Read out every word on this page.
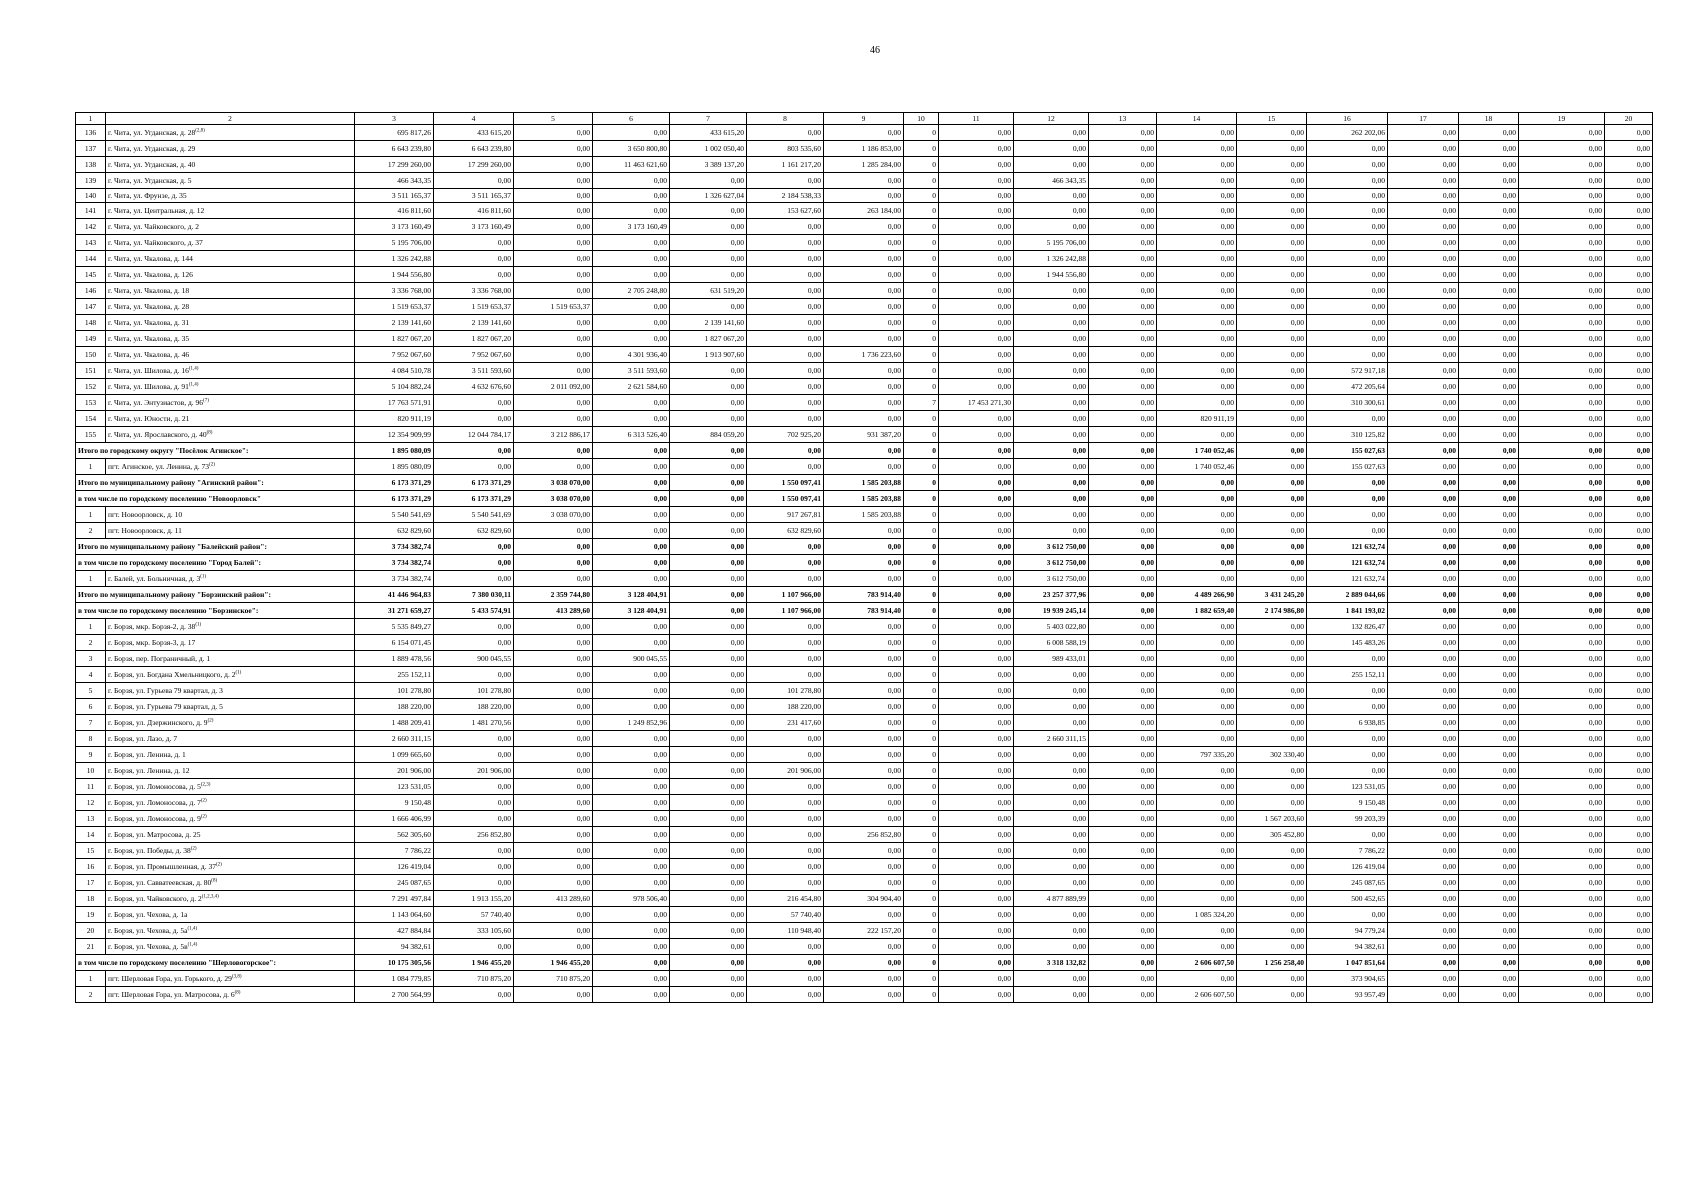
46
1	2	3	4	5	6	7	8	9	10	11	12	13	14	15	16	17	18	19	20
136	г. Чита, ул. Угданская, д. 28$^{(2,8)}$	695 817,26	433 615,20	0,00	0,00	433 615,20	0,00	0,00	0	0,00	0,00	0,00	0,00	0,00	262 202,06	0,00	0,00	0,00	0,00
137	г. Чита, ул. Угданская, д. 29	6 643 239,80	6 643 239,80	0,00	3 650 800,80	1 002 050,40	803 535,60	1 186 853,00	0	0,00	0,00	0,00	0,00	0,00	0,00	0,00	0,00	0,00	0,00
138	г. Чита, ул. Угданская, д. 40	17 299 260,00	17 299 260,00	0,00	11 463 621,60	3 389 137,20	1 161 217,20	1 285 284,00	0	0,00	0,00	0,00	0,00	0,00	0,00	0,00	0,00	0,00	0,00
139	г. Чита, ул. Угданская, д. 5	466 343,35	0,00	0,00	0,00	0,00	0,00	0,00	0	0,00	466 343,35	0,00	0,00	0,00	0,00	0,00	0,00	0,00	0,00
140	г. Чита, ул. Фрунзе, д. 35	3 511 165,37	3 511 165,37	0,00	0,00	1 326 627,04	2 184 538,33	0,00	0	0,00	0,00	0,00	0,00	0,00	0,00	0,00	0,00	0,00	0,00
141	г. Чита, ул. Центральная, д. 12	416 811,60	416 811,60	0,00	0,00	0,00	153 627,60	263 184,00	0	0,00	0,00	0,00	0,00	0,00	0,00	0,00	0,00	0,00	0,00
142	г. Чита, ул. Чайковского, д. 2	3 173 160,49	3 173 160,49	0,00	3 173 160,49	0,00	0,00	0,00	0	0,00	0,00	0,00	0,00	0,00	0,00	0,00	0,00	0,00	0,00
143	г. Чита, ул. Чайковского, д. 37	5 195 706,00	0,00	0,00	0,00	0,00	0,00	0,00	0	0,00	5 195 706,00	0,00	0,00	0,00	0,00	0,00	0,00	0,00	0,00
144	г. Чита, ул. Чкалова, д. 144	1 326 242,88	0,00	0,00	0,00	0,00	0,00	0,00	0	0,00	1 326 242,88	0,00	0,00	0,00	0,00	0,00	0,00	0,00	0,00
145	г. Чита, ул. Чкалова, д. 126	1 944 556,80	0,00	0,00	0,00	0,00	0,00	0,00	0	0,00	1 944 556,80	0,00	0,00	0,00	0,00	0,00	0,00	0,00	0,00
146	г. Чита, ул. Чкалова, д. 18	3 336 768,00	3 336 768,00	0,00	2 705 248,80	631 519,20	0,00	0,00	0	0,00	0,00	0,00	0,00	0,00	0,00	0,00	0,00	0,00	0,00
147	г. Чита, ул. Чкалова, д. 28	1 519 653,37	1 519 653,37	1 519 653,37	0,00	0,00	0,00	0,00	0	0,00	0,00	0,00	0,00	0,00	0,00	0,00	0,00	0,00	0,00
148	г. Чита, ул. Чкалова, д. 31	2 139 141,60	2 139 141,60	0,00	0,00	2 139 141,60	0,00	0,00	0	0,00	0,00	0,00	0,00	0,00	0,00	0,00	0,00	0,00	0,00
149	г. Чита, ул. Чкалова, д. 35	1 827 067,20	1 827 067,20	0,00	0,00	1 827 067,20	0,00	0,00	0	0,00	0,00	0,00	0,00	0,00	0,00	0,00	0,00	0,00	0,00
150	г. Чита, ул. Чкалова, д. 46	7 952 067,60	7 952 067,60	0,00	4 301 936,40	1 913 907,60	0,00	1 736 223,60	0	0,00	0,00	0,00	0,00	0,00	0,00	0,00	0,00	0,00	0,00
151	г. Чита, ул. Шилова, д. 16$^{(1,4)}$	4 084 510,78	3 511 593,60	0,00	3 511 593,60	0,00	0,00	0,00	0	0,00	0,00	0,00	0,00	0,00	572 917,18	0,00	0,00	0,00	0,00
152	г. Чита, ул. Шилова, д. 91$^{(1,4)}$	5 104 882,24	4 632 676,60	2 011 092,00	2 621 584,60	0,00	0,00	0,00	0	0,00	0,00	0,00	0,00	0,00	472 205,64	0,00	0,00	0,00	0,00
153	г. Чита, ул. Энтузиастов, д. 96$^{(7)}$	17 763 571,91	0,00	0,00	0,00	0,00	0,00	0,00	7	17 453 271,30	0,00	0,00	0,00	0,00	310 300,61	0,00	0,00	0,00	0,00
154	г. Чита, ул. Юности, д. 21	820 911,19	0,00	0,00	0,00	0,00	0,00	0,00	0	0,00	0,00	0,00	820 911,19	0,00	0,00	0,00	0,00	0,00	0,00
155	г. Чита, ул. Ярославского, д. 40$^{(8)}$	12 354 909,99	12 044 784,17	3 212 886,17	6 313 526,40	884 059,20	702 925,20	931 387,20	0	0,00	0,00	0,00	0,00	0,00	310 125,82	0,00	0,00	0,00	0,00
Итого по городскому округу "Посёлок Агинское":		1 895 080,09	0,00	0,00	0,00	0,00	0,00	0,00	0	0,00	0,00	0,00	1 740 052,46	0,00	155 027,63	0,00	0,00	0,00	0,00
1	пгт. Агинское, ул. Ленина, д. 73$^{(2)}$	1 895 080,09	0,00	0,00	0,00	0,00	0,00	0,00	0	0,00	0,00	0,00	1 740 052,46	0,00	155 027,63	0,00	0,00	0,00	0,00
Итого по муниципальному району "Агинский район":		6 173 371,29	6 173 371,29	3 038 070,00	0,00	0,00	1 550 097,41	1 585 203,88	0	0,00	0,00	0,00	0,00	0,00	0,00	0,00	0,00	0,00	0,00
в том числе по городскому поселению "Новоорловск"		6 173 371,29	6 173 371,29	3 038 070,00	0,00	0,00	1 550 097,41	1 585 203,88	0	0,00	0,00	0,00	0,00	0,00	0,00	0,00	0,00	0,00	0,00
1	пгт. Новоорловск, д. 10	5 540 541,69	5 540 541,69	3 038 070,00	0,00	0,00	917 267,81	1 585 203,88	0	0,00	0,00	0,00	0,00	0,00	0,00	0,00	0,00	0,00	0,00
2	пгт. Новоорловск, д. 11	632 829,60	632 829,60	0,00	0,00	0,00	632 829,60	0,00	0	0,00	0,00	0,00	0,00	0,00	0,00	0,00	0,00	0,00	0,00
Итого по муниципальному району "Балейский район":		3 734 382,74	0,00	0,00	0,00	0,00	0,00	0,00	0	0,00	3 612 750,00	0,00	0,00	0,00	121 632,74	0,00	0,00	0,00	0,00
в том числе по городскому поселению "Город Балей":		3 734 382,74	0,00	0,00	0,00	0,00	0,00	0,00	0	0,00	3 612 750,00	0,00	0,00	0,00	121 632,74	0,00	0,00	0,00	0,00
1	г. Балей, ул. Больничная, д. 3$^{(1)}$	3 734 382,74	0,00	0,00	0,00	0,00	0,00	0,00	0	0,00	3 612 750,00	0,00	0,00	0,00	121 632,74	0,00	0,00	0,00	0,00
Итого по муниципальному району "Борзинский район":		41 446 964,83	7 380 030,11	2 359 744,80	3 128 404,91	0,00	1 107 966,00	783 914,40	0	0,00	23 257 377,96	0,00	4 489 266,90	3 431 245,20	2 889 044,66	0,00	0,00	0,00	0,00
в том числе по городскому поселению "Борзинское":		31 271 659,27	5 433 574,91	413 289,60	3 128 404,91	0,00	1 107 966,00	783 914,40	0	0,00	19 939 245,14	0,00	1 882 659,40	2 174 986,80	1 841 193,02	0,00	0,00	0,00	0,00
1	г. Борзя, мкр. Борзя-2, д. 38$^{(1)}$	5 535 849,27	0,00	0,00	0,00	0,00	0,00	0,00	0	0,00	5 403 022,80	0,00	0,00	0,00	132 826,47	0,00	0,00	0,00	0,00
2	г. Борзя, мкр. Борзя-3, д. 17	6 154 071,45	0,00	0,00	0,00	0,00	0,00	0,00	0	0,00	6 008 588,19	0,00	0,00	0,00	145 483,26	0,00	0,00	0,00	0,00
3	г. Борзя, пер. Пограничный, д. 1	1 889 478,56	900 045,55	0,00	900 045,55	0,00	0,00	0,00	0	0,00	989 433,01	0,00	0,00	0,00	0,00	0,00	0,00	0,00	0,00
4	г. Борзя, ул. Богдана Хмельницкого, д. 2$^{(1)}$	255 152,11	0,00	0,00	0,00	0,00	0,00	0,00	0	0,00	0,00	0,00	0,00	0,00	255 152,11	0,00	0,00	0,00	0,00
5	г. Борзя, ул. Гурьева 79 квартал, д. 3	101 278,80	101 278,80	0,00	0,00	0,00	101 278,80	0,00	0	0,00	0,00	0,00	0,00	0,00	0,00	0,00	0,00	0,00	0,00
6	г. Борзя, ул. Гурьева 79 квартал, д. 5	188 220,00	188 220,00	0,00	0,00	0,00	188 220,00	0,00	0	0,00	0,00	0,00	0,00	0,00	0,00	0,00	0,00	0,00	0,00
7	г. Борзя, ул. Дзержинского, д. 9$^{(2)}$	1 488 209,41	1 481 270,56	0,00	1 249 852,96	0,00	231 417,60	0,00	0	0,00	0,00	0,00	0,00	0,00	6 938,85	0,00	0,00	0,00	0,00
8	г. Борзя, ул. Лазо, д. 7	2 660 311,15	0,00	0,00	0,00	0,00	0,00	0,00	0	0,00	2 660 311,15	0,00	0,00	0,00	0,00	0,00	0,00	0,00	0,00
9	г. Борзя, ул. Ленина, д. 1	1 099 665,60	0,00	0,00	0,00	0,00	0,00	0,00	0	0,00	0,00	0,00	797 335,20	302 330,40	0,00	0,00	0,00	0,00	0,00
10	г. Борзя, ул. Ленина, д. 12	201 906,00	201 906,00	0,00	0,00	0,00	201 906,00	0,00	0	0,00	0,00	0,00	0,00	0,00	0,00	0,00	0,00	0,00	0,00
11	г. Борзя, ул. Ломоносова, д. 5$^{(2,3)}$	123 531,05	0,00	0,00	0,00	0,00	0,00	0,00	0	0,00	0,00	0,00	0,00	0,00	123 531,05	0,00	0,00	0,00	0,00
12	г. Борзя, ул. Ломоносова, д. 7$^{(2)}$	9 150,48	0,00	0,00	0,00	0,00	0,00	0,00	0	0,00	0,00	0,00	0,00	0,00	9 150,48	0,00	0,00	0,00	0,00
13	г. Борзя, ул. Ломоносова, д. 9$^{(2)}$	1 666 406,99	0,00	0,00	0,00	0,00	0,00	0,00	0	0,00	0,00	0,00	0,00	1 567 203,60	99 203,39	0,00	0,00	0,00	0,00
14	г. Борзя, ул. Матросова, д. 25	562 305,60	256 852,80	0,00	0,00	0,00	0,00	256 852,80	0	0,00	0,00	0,00	0,00	305 452,80	0,00	0,00	0,00	0,00	0,00
15	г. Борзя, ул. Победы, д. 38$^{(2)}$	7 786,22	0,00	0,00	0,00	0,00	0,00	0,00	0	0,00	0,00	0,00	0,00	0,00	7 786,22	0,00	0,00	0,00	0,00
16	г. Борзя, ул. Промышленная, д. 37$^{(2)}$	126 419,04	0,00	0,00	0,00	0,00	0,00	0,00	0	0,00	0,00	0,00	0,00	0,00	126 419,04	0,00	0,00	0,00	0,00
17	г. Борзя, ул. Савватеевская, д. 80$^{(8)}$	245 087,65	0,00	0,00	0,00	0,00	0,00	0,00	0	0,00	0,00	0,00	0,00	0,00	245 087,65	0,00	0,00	0,00	0,00
18	г. Борзя, ул. Чайковского, д. 2$^{(1,2,3,4)}$	7 291 497,84	1 913 155,20	413 289,60	978 506,40	0,00	216 454,80	304 904,40	0	0,00	4 877 889,99	0,00	0,00	0,00	500 452,65	0,00	0,00	0,00	0,00
19	г. Борзя, ул. Чехова, д. 1а	1 143 064,60	57 740,40	0,00	0,00	0,00	57 740,40	0,00	0	0,00	0,00	0,00	1 085 324,20	0,00	0,00	0,00	0,00	0,00	0,00
20	г. Борзя, ул. Чехова, д. $5а^{(1,4)}$	427 884,84	333 105,60	0,00	0,00	0,00	110 948,40	222 157,20	0	0,00	0,00	0,00	0,00	0,00	94 779,24	0,00	0,00	0,00	0,00
21	г. Борзя, ул. Чехова, д. $5в^{(1,4)}$	94 382,61	0,00	0,00	0,00	0,00	0,00	0,00	0	0,00	0,00	0,00	0,00	0,00	94 382,61	0,00	0,00	0,00	0,00
в том числе по городскому поселению "Шерловогорское":		10 175 305,56	1 946 455,20	1 946 455,20	0,00	0,00	0,00	0,00	0	0,00	3 318 132,82	0,00	2 606 607,50	1 256 258,40	1 047 851,64	0,00	0,00	0,00	0,00
1	пгт. Шерловая Гора, ул. Горького, д. 29$^{(3,8)}$	1 084 779,85	710 875,20	710 875,20	0,00	0,00	0,00	0,00	0	0,00	0,00	0,00	0,00	0,00	373 904,65	0,00	0,00	0,00	0,00
2	пгт. Шерловая Гора, ул. Матросова, д. 6$^{(8)}$	2 700 564,99	0,00	0,00	0,00	0,00	0,00	0,00	0	0,00	0,00	0,00	2 606 607,50	0,00	93 957,49	0,00	0,00	0,00	0,00
